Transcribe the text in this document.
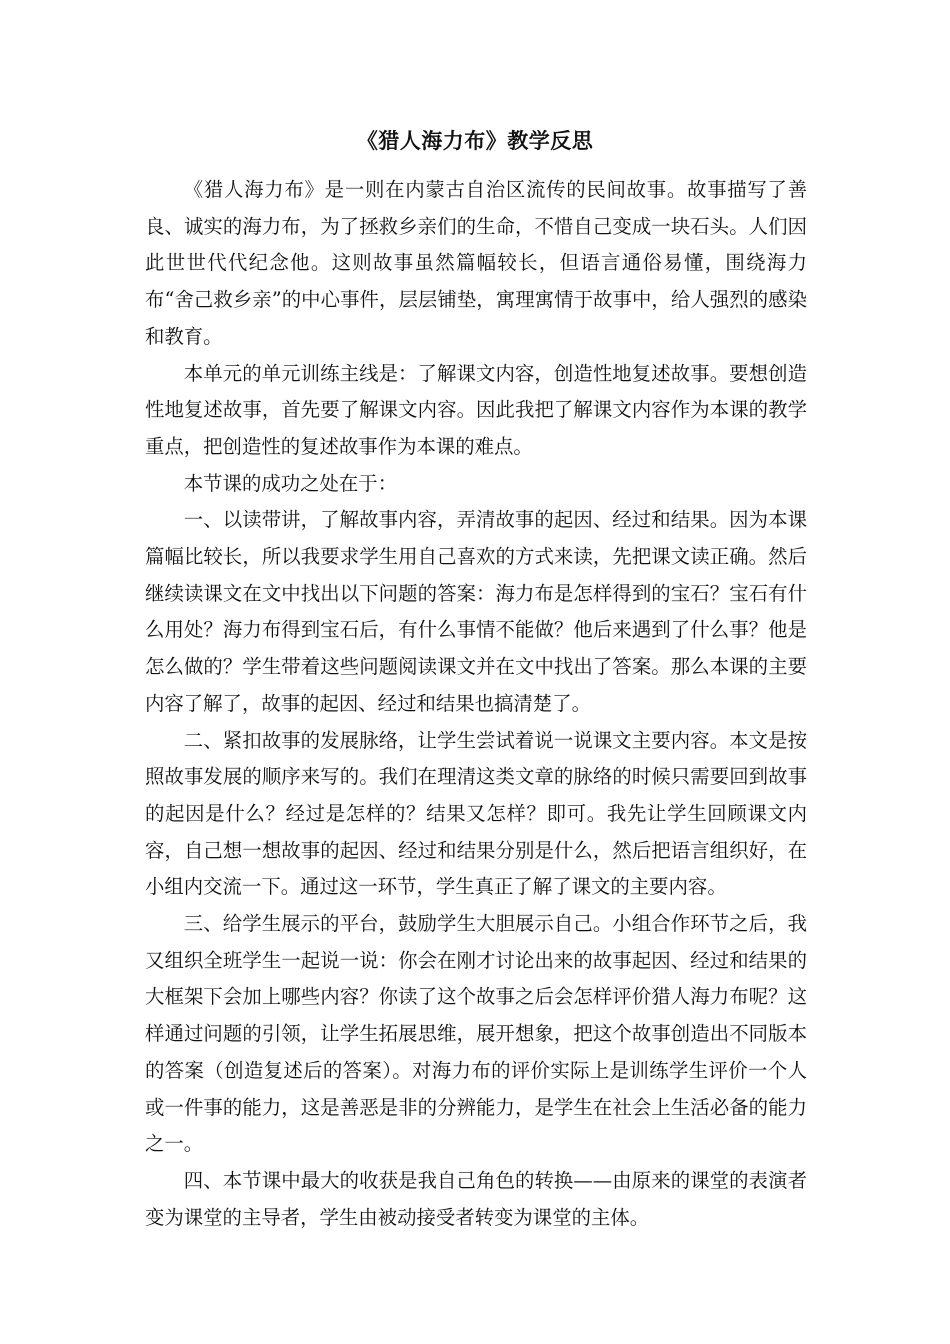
《猎人海力布》教学反思

《猎人海力布》是一则在内蒙古自治区流传的民间故事。故事描写了善良、诚实的海力布，为了拯救乡亲们的生命，不惜自己变成一块石头。人们因此世世代代纪念他。这则故事虽然篇幅较长，但语言通俗易懂，围绕海力布“舍己救乡亲”的中心事件，层层铺垫，寓理寓情于故事中，给人强烈的感染和教育。

本单元的单元训练主线是：了解课文内容，创造性地复述故事。要想创造性地复述故事，首先要了解课文内容。因此我把了解课文内容作为本课的教学重点，把创造性的复述故事作为本课的难点。

本节课的成功之处在于：

一、以读带讲，了解故事内容，弄清故事的起因、经过和结果。因为本课篇幅比较长，所以我要求学生用自己喜欢的方式来读，先把课文读正确。然后继续读课文在文中找出以下问题的答案：海力布是怎样得到的宝石？宝石有什么用处？海力布得到宝石后，有什么事情不能做？他后来遇到了什么事？他是怎么做的？学生带着这些问题阅读课文并在文中找出了答案。那么本课的主要内容了解了，故事的起因、经过和结果也搞清楚了。

二、紧扣故事的发展脉络，让学生尝试着说一说课文主要内容。本文是按照故事发展的顺序来写的。我们在理清这类文章的脉络的时候只需要回到故事的起因是什么？经过是怎样的？结果又怎样？即可。我先让学生回顾课文内容，自己想一想故事的起因、经过和结果分别是什么，然后把语言组织好，在小组内交流一下。通过这一环节，学生真正了解了课文的主要内容。

三、给学生展示的平台，鼓励学生大胆展示自己。小组合作环节之后，我又组织全班学生一起说一说：你会在刚才讨论出来的故事起因、经过和结果的大框架下会加上哪些内容？你读了这个故事之后会怎样评价猎人海力布呢？这样通过问题的引领，让学生拓展思维，展开想象，把这个故事创造出不同版本的答案（创造复述后的答案）。对海力布的评价实际上是训练学生评价一个人或一件事的能力，这是善恶是非的分辨能力，是学生在社会上生活必备的能力之一。

四、本节课中最大的收获是我自己角色的转换——由原来的课堂的表演者变为课堂的主导者，学生由被动接受者转变为课堂的主体。
